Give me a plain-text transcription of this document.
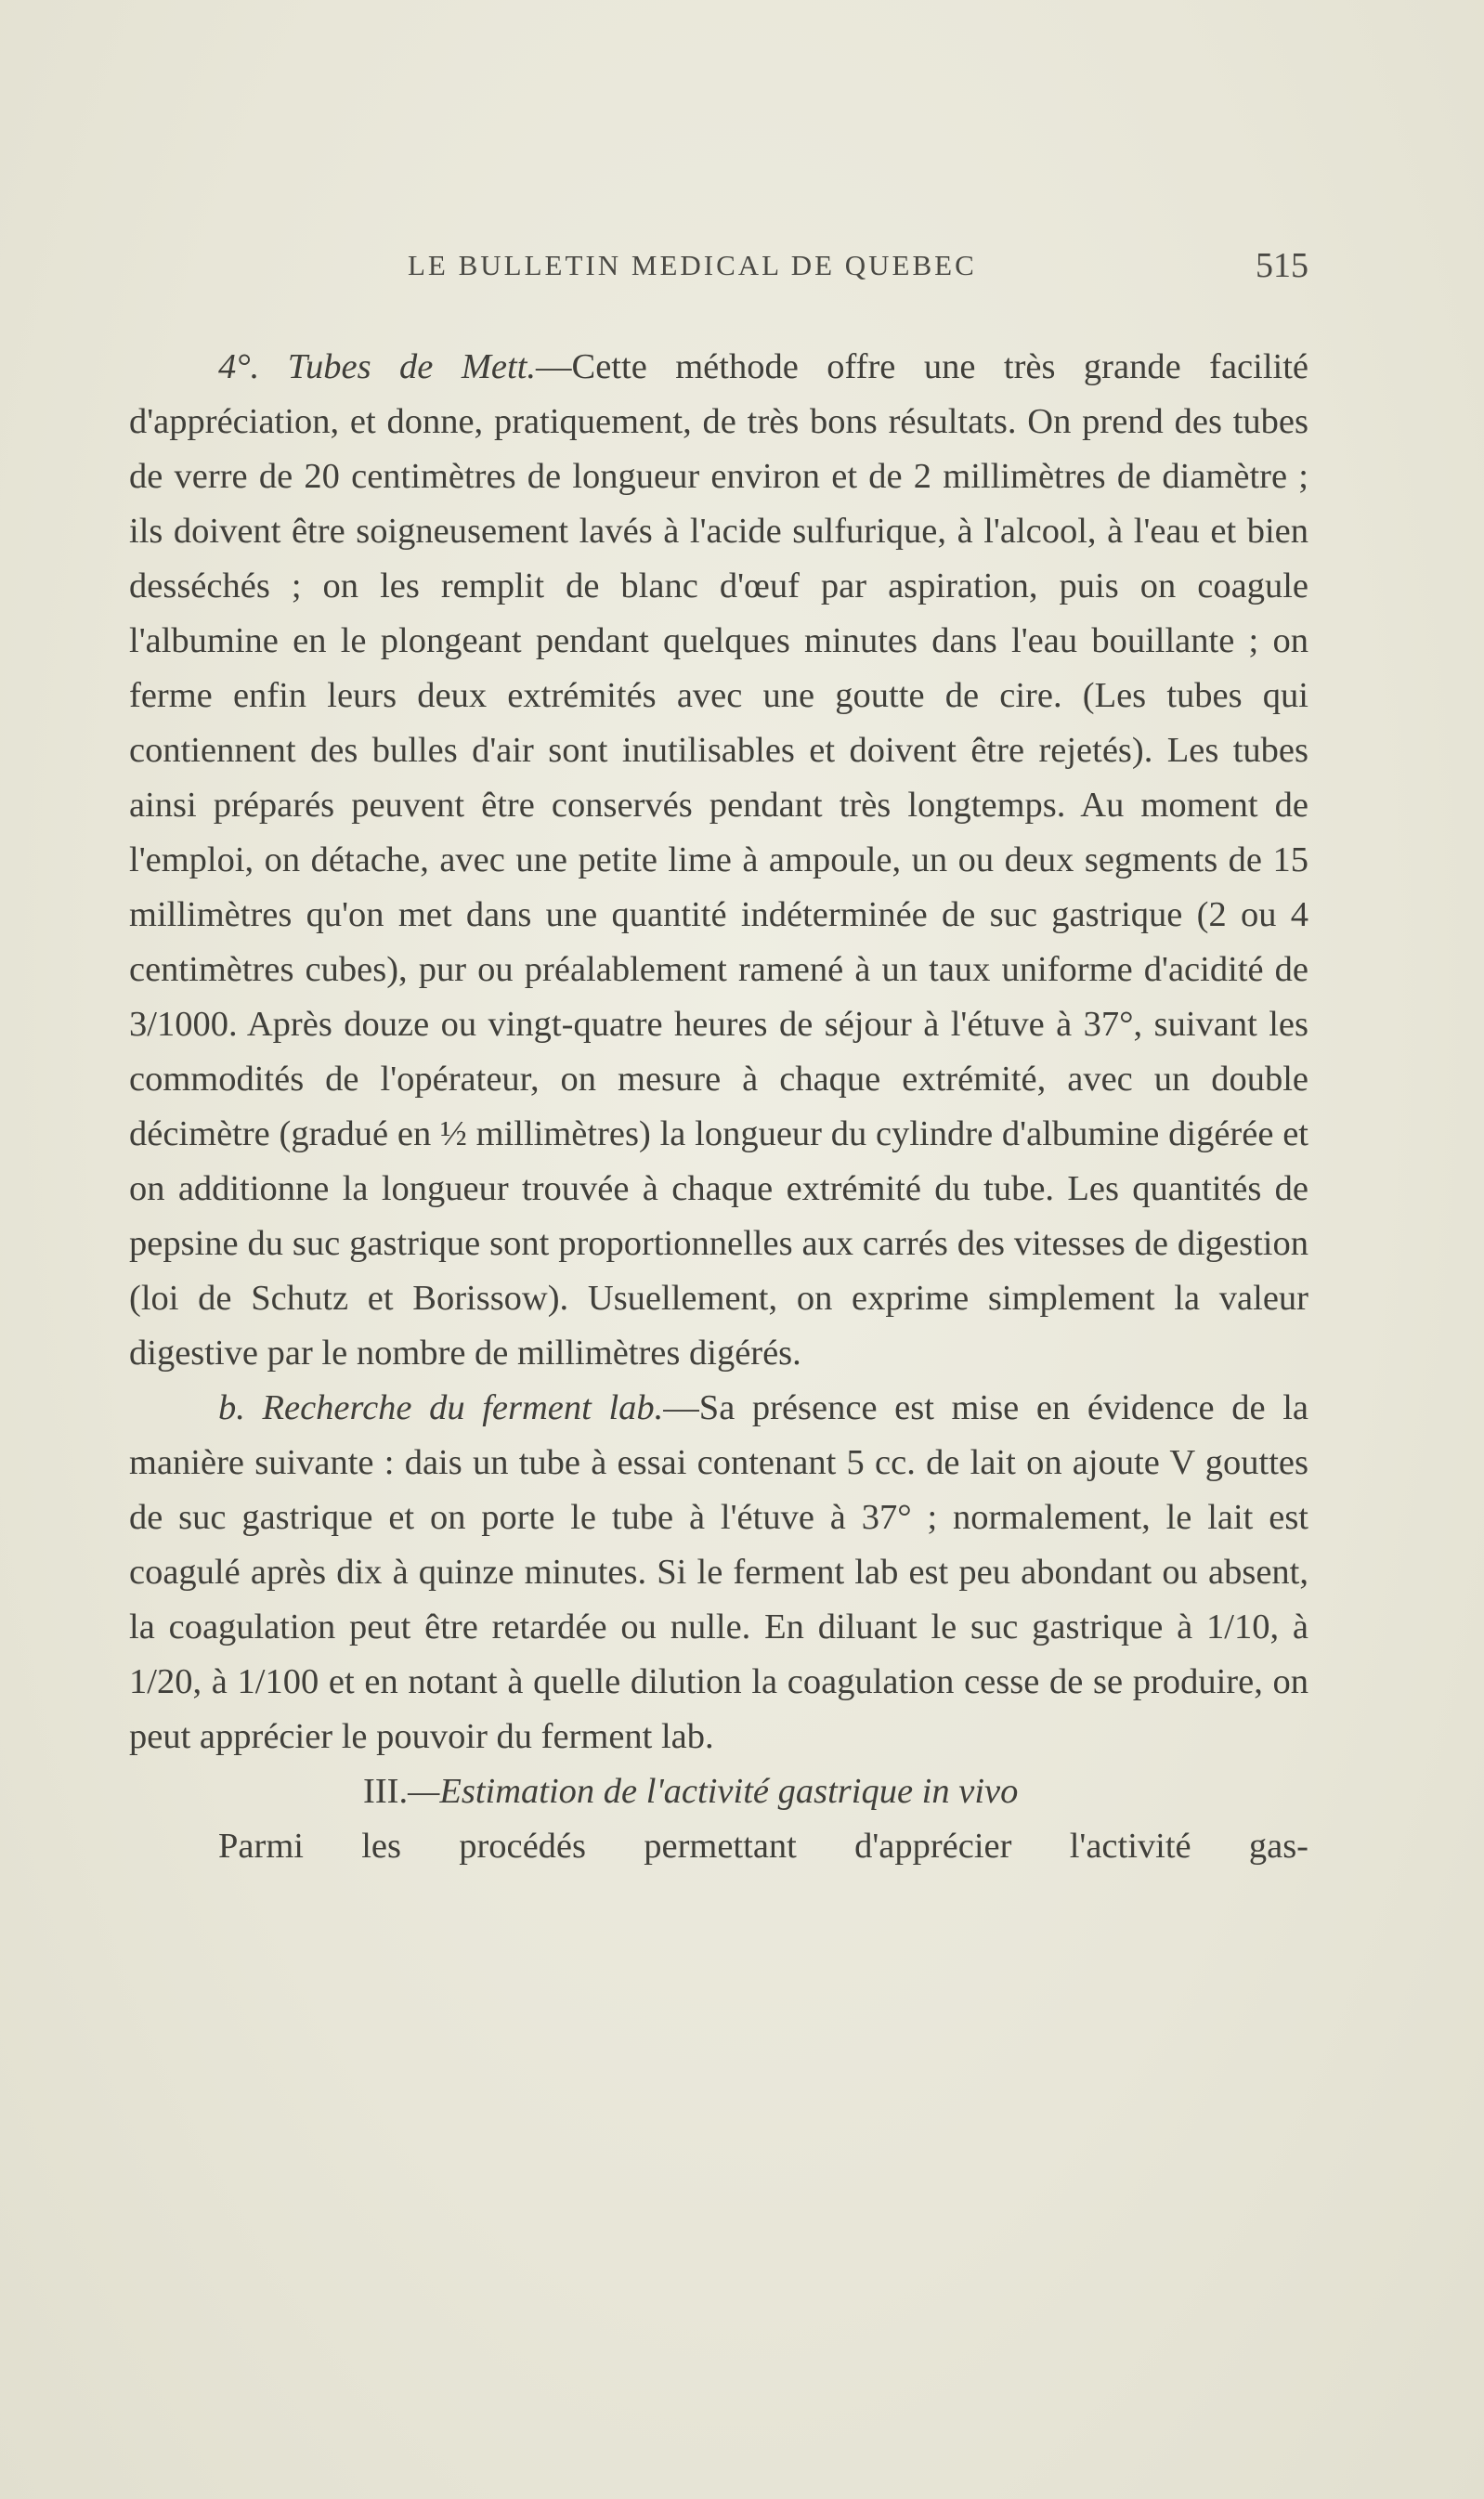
LE BULLETIN MEDICAL DE QUEBEC	515

4°. Tubes de Mett.—Cette méthode offre une très grande facilité d'appréciation, et donne, pratiquement, de très bons résultats. On prend des tubes de verre de 20 centimètres de longueur environ et de 2 millimètres de diamètre ; ils doivent être soigneusement lavés à l'acide sulfurique, à l'alcool, à l'eau et bien desséchés ; on les remplit de blanc d'œuf par aspiration, puis on coagule l'albumine en le plongeant pendant quelques minutes dans l'eau bouillante ; on ferme enfin leurs deux extrémités avec une goutte de cire. (Les tubes qui contiennent des bulles d'air sont inutilisables et doivent être rejetés). Les tubes ainsi préparés peuvent être conservés pendant très longtemps. Au moment de l'emploi, on détache, avec une petite lime à ampoule, un ou deux segments de 15 millimètres qu'on met dans une quantité indéterminée de suc gastrique (2 ou 4 centimètres cubes), pur ou préalablement ramené à un taux uniforme d'acidité de 3/1000. Après douze ou vingt-quatre heures de séjour à l'étuve à 37°, suivant les commodités de l'opérateur, on mesure à chaque extrémité, avec un double décimètre (gradué en ½ millimètres) la longueur du cylindre d'albumine digérée et on additionne la longueur trouvée à chaque extrémité du tube. Les quantités de pepsine du suc gastrique sont proportionnelles aux carrés des vitesses de digestion (loi de Schutz et Borissow). Usuellement, on exprime simplement la valeur digestive par le nombre de millimètres digérés.

b. Recherche du ferment lab.—Sa présence est mise en évidence de la manière suivante : dais un tube à essai contenant 5 cc. de lait on ajoute V gouttes de suc gastrique et on porte le tube à l'étuve à 37° ; normalement, le lait est coagulé après dix à quinze minutes. Si le ferment lab est peu abondant ou absent, la coagulation peut être retardée ou nulle. En diluant le suc gastrique à 1/10, à 1/20, à 1/100 et en notant à quelle dilution la coagulation cesse de se produire, on peut apprécier le pouvoir du ferment lab.

III.—Estimation de l'activité gastrique in vivo

Parmi les procédés permettant d'apprécier l'activité gas-
